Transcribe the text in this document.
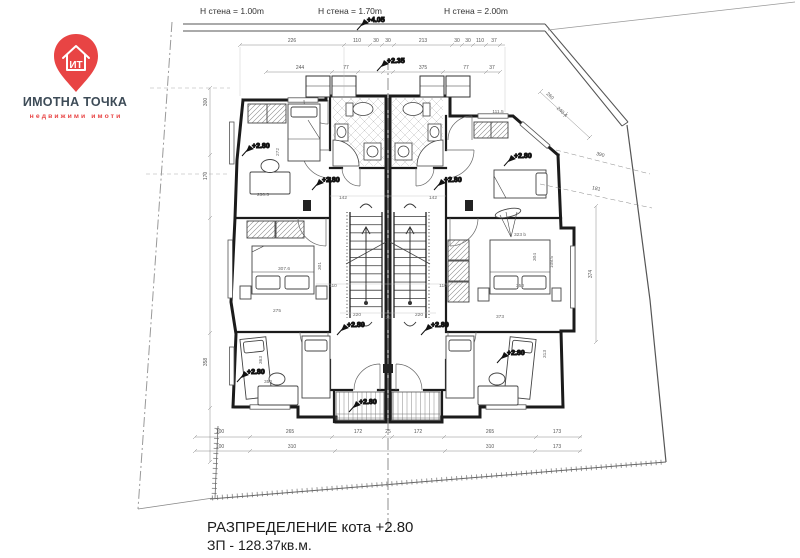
Н стена = 1.00m	Н стена = 1.70m	Н стена = 2.00m
226	110 30 30	213	30 30 110 37
244	77	375	77	37
100	265	172	25	172	265	173
100	310	310	173
300
170
358
260
240.4
390
181
374
230.5
272
307.6	301
275
363
350
111.5
350
304
323 b
108.5
373
313
110	110
220	220
25
142	142
+4.05
+2.35
+2.80
+2.80	+2.80
+2.80
+2.80	+2.80
+2.80
+2.80
+2.80
ИТ
ИМОТНА ТОЧКА
недвижими имоти
РАЗПРЕДЕЛЕНИЕ кота +2.80
ЗП - 128.37кв.м.
